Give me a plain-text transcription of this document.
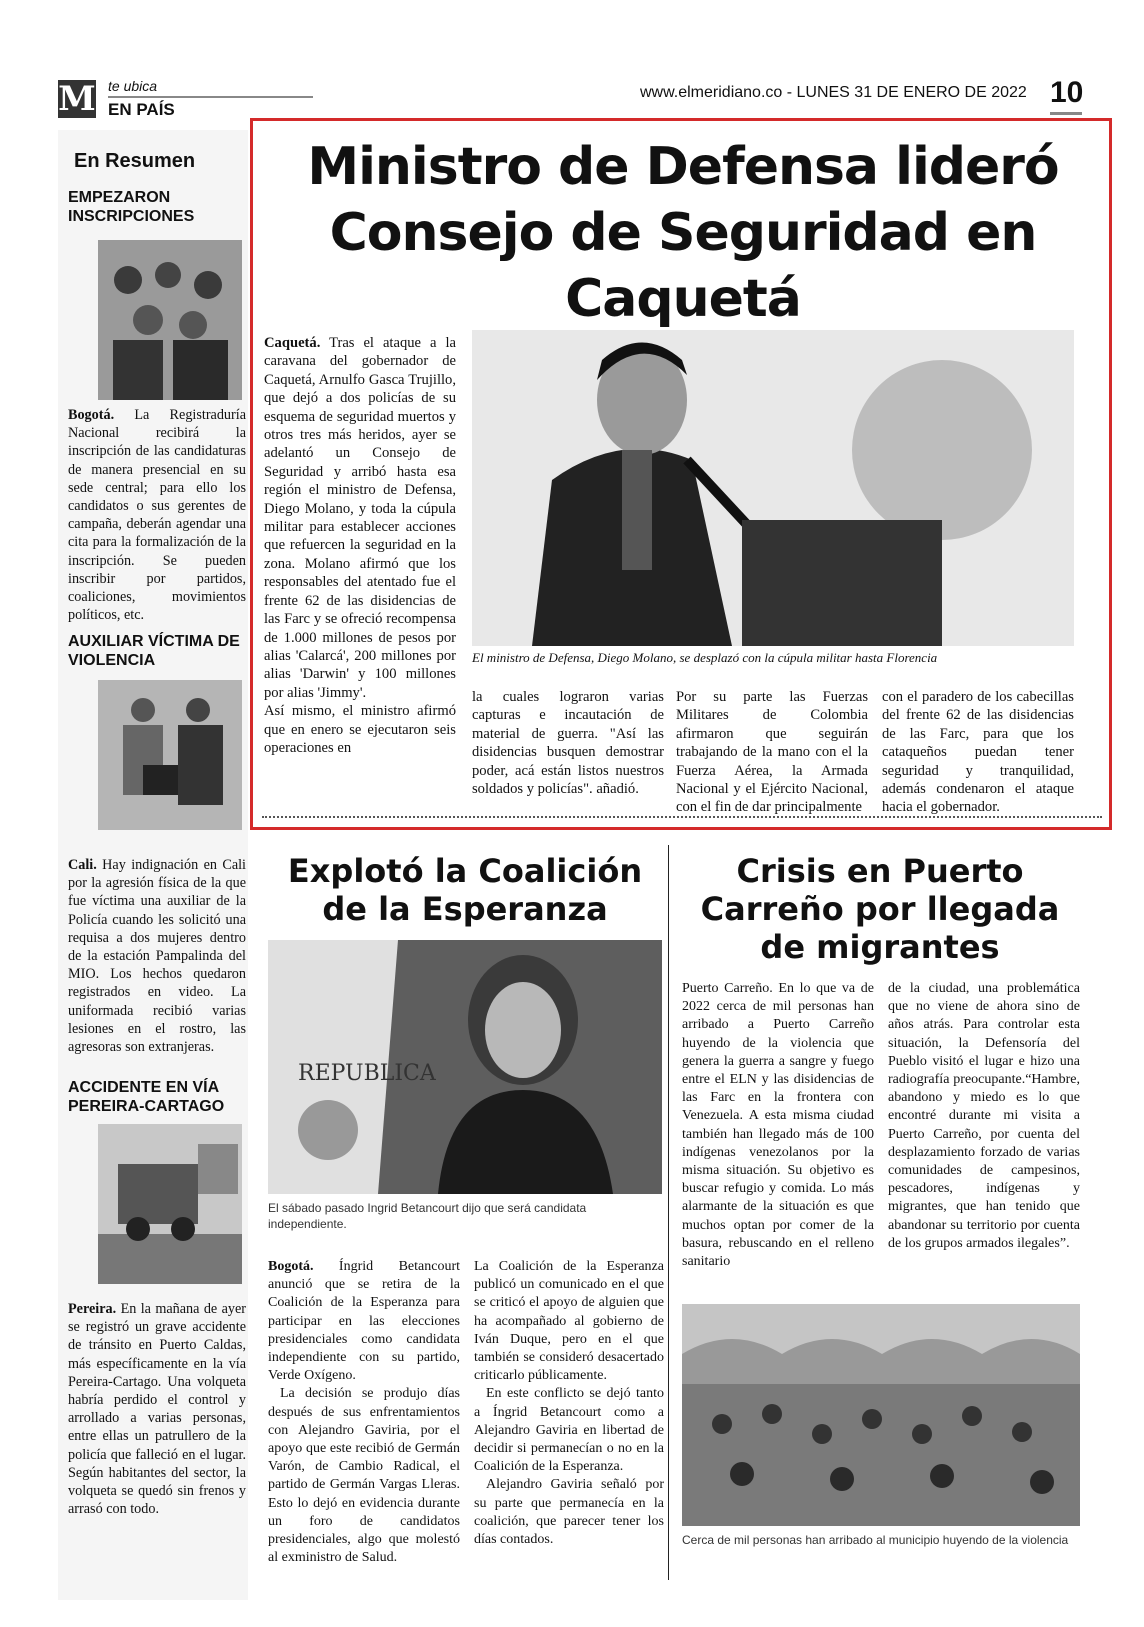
M te ubica
EN PAÍS
www.elmeridiano.co - LUNES 31 DE ENERO DE 2022 10
En Resumen
EMPEZARON INSCRIPCIONES
Bogotá. La Registraduría Nacional recibirá la inscripción de las candidaturas de manera presencial en su sede central; para ello los candidatos o sus gerentes de campaña, deberán agendar una cita para la formalización de la inscripción. Se pueden inscribir por partidos, coaliciones, movimientos políticos, etc.
AUXILIAR VÍCTIMA DE VIOLENCIA
Cali. Hay indignación en Cali por la agresión física de la que fue víctima una auxiliar de la Policía cuando les solicitó una requisa a dos mujeres dentro de la estación Pampalinda del MIO. Los hechos quedaron registrados en video. La uniformada recibió varias lesiones en el rostro, las agresoras son extranjeras.
ACCIDENTE EN VÍA PEREIRA-CARTAGO
Pereira. En la mañana de ayer se registró un grave accidente de tránsito en Puerto Caldas, más específicamente en la vía Pereira-Cartago. Una volqueta habría perdido el control y arrollado a varias personas, entre ellas un patrullero de la policía que falleció en el lugar. Según habitantes del sector, la volqueta se quedó sin frenos y arrasó con todo.
Ministro de Defensa lideró Consejo de Seguridad en Caquetá
El ministro de Defensa, Diego Molano, se desplazó con la cúpula militar hasta Florencia

Caquetá. Tras el ataque a la caravana del gobernador de Caquetá, Arnulfo Gasca Trujillo, que dejó a dos policías de su esquema de seguridad muertos y otros tres más heridos, ayer se adelantó un Consejo de Seguridad y arribó hasta esa región el ministro de Defensa, Diego Molano, y toda la cúpula militar para establecer acciones que refuercen la seguridad en la zona. Molano afirmó que los responsables del atentado fue el frente 62 de las disidencias de las Farc y se ofreció recompensa de 1.000 millones de pesos por alias 'Calarcá', 200 millones por alias 'Darwin' y 100 millones por alias 'Jimmy'.

Así mismo, el ministro afirmó que en enero se ejecutaron seis operaciones en

la cuales lograron varias capturas e incautación de material de guerra. "Así las disidencias busquen demostrar poder, acá están listos nuestros soldados y policías". añadió.
Por su parte las Fuerzas Militares de Colombia afirmaron que seguirán trabajando de la mano con el la Fuerza Aérea, la Armada Nacional y el Ejército Nacional, con el fin de dar principalmente
con el paradero de los cabecillas del frente 62 de las disidencias de las Farc, para que los cataqueños puedan tener seguridad y tranquilidad, además condenaron el ataque hacia el gobernador.
Explotó la Coalición de la Esperanza
REPUBLICA
El sábado pasado Ingrid Betancourt dijo que será candidata independiente.

Bogotá. Íngrid Betancourt anunció que se retira de la Coalición de la Esperanza para participar en las elecciones presidenciales como candidata independiente con su partido, Verde Oxígeno.

La decisión se produjo días después de sus enfrentamientos con Alejandro Gaviria, por el apoyo que este recibió de Germán Varón, de Cambio Radical, el partido de Germán Vargas Lleras. Esto lo dejó en evidencia durante un foro de candidatos presidenciales, algo que molestó al exministro de Salud.

La Coalición de la Esperanza publicó un comunicado en el que se criticó el apoyo de alguien que ha acompañado al gobierno de Iván Duque, pero en el que también se consideró desacertado criticarlo públicamente.

En este conflicto se dejó tanto a Íngrid Betancourt como a Alejandro Gaviria en libertad de decidir si permanecían o no en la Coalición de la Esperanza.

Alejandro Gaviria señaló por su parte que permanecía en la coalición, que parecer tener los días contados.

Crisis en Puerto Carreño por llegada de migrantes
Puerto Carreño. En lo que va de 2022 cerca de mil personas han arribado a Puerto Carreño huyendo de la violencia que genera la guerra a sangre y fuego entre el ELN y las disidencias de las Farc en la frontera con Venezuela. A esta misma ciudad también han llegado más de 100 indígenas venezolanos por la misma situación. Su objetivo es buscar refugio y comida. Lo más alarmante de la situación es que muchos optan por comer de la basura, rebuscando en el relleno sanitario
de la ciudad, una problemática que no viene de ahora sino de años atrás. Para controlar esta situación, la Defensoría del Pueblo visitó el lugar e hizo una radiografía preocupante.“Hambre, abandono y miedo es lo que encontré durante mi visita a Puerto Carreño, por cuenta del desplazamiento forzado de varias comunidades de campesinos, pescadores, indígenas y migrantes, que han tenido que abandonar su territorio por cuenta de los grupos armados ilegales”.
Cerca de mil personas han arribado al municipio huyendo de la violencia
